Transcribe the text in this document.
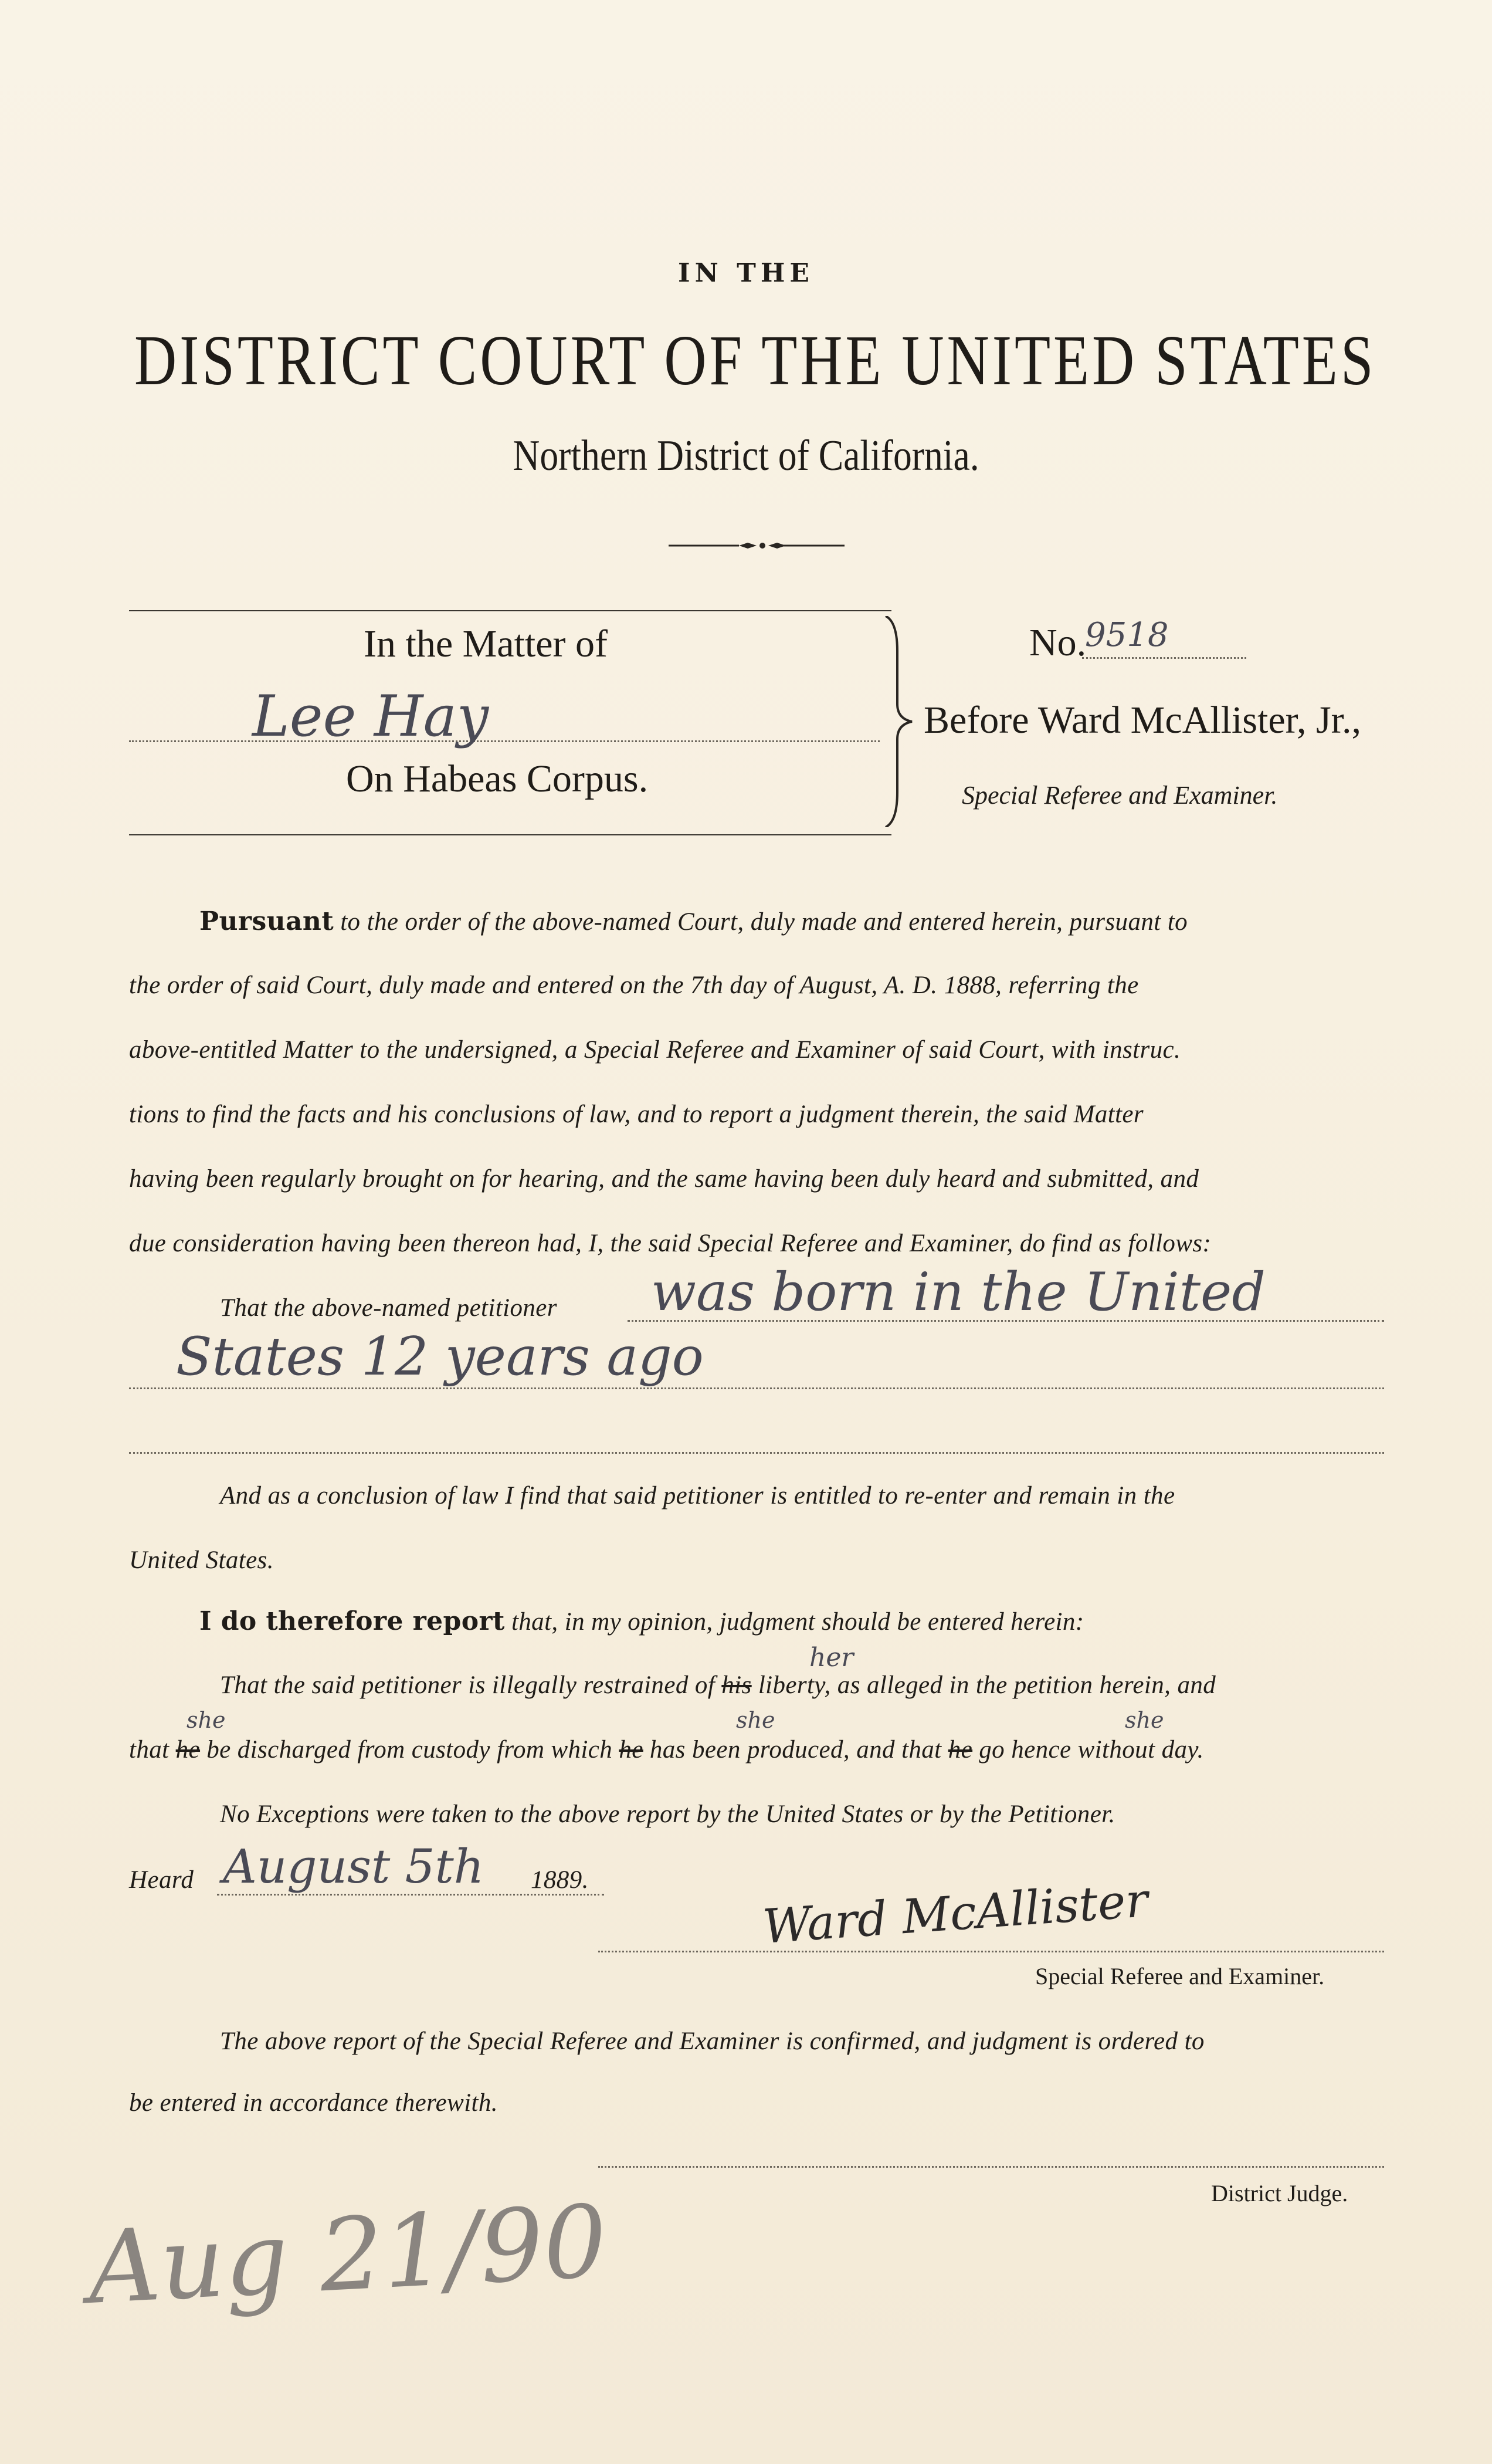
IN THE
DISTRICT COURT OF THE UNITED STATES
Northern District of California.
In the Matter of
Lee Hay
On Habeas Corpus.
No.
9518
Before Ward McAllister, Jr.,
Special Referee and Examiner.
Pursuant to the order of the above-named Court, duly made and entered herein, pursuant to
the order of said Court, duly made and entered on the 7th day of August, A. D. 1888, referring the
above-entitled Matter to the undersigned, a Special Referee and Examiner of said Court, with instruc.
tions to find the facts and his conclusions of law, and to report a judgment therein, the said Matter
having been regularly brought on for hearing, and the same having been duly heard and submitted, and
due consideration having been thereon had, I, the said Special Referee and Examiner, do find as follows:
That the above-named petitioner was born in the United
States 12 years ago
And as a conclusion of law I find that said petitioner is entitled to re-enter and remain in the
United States.
I do therefore report that, in my opinion, judgment should be entered herein:
her
That the said petitioner is illegally restrained of his liberty, as alleged in the petition herein, and
she	she	she
that he be discharged from custody from which he has been produced, and that he go hence without day.
No Exceptions were taken to the above report by the United States or by the Petitioner.
Heard August 5th 1889.	Ward McAllister
Special Referee and Examiner.
The above report of the Special Referee and Examiner is confirmed, and judgment is ordered to
be entered in accordance therewith.
District Judge.
Aug 21/90
